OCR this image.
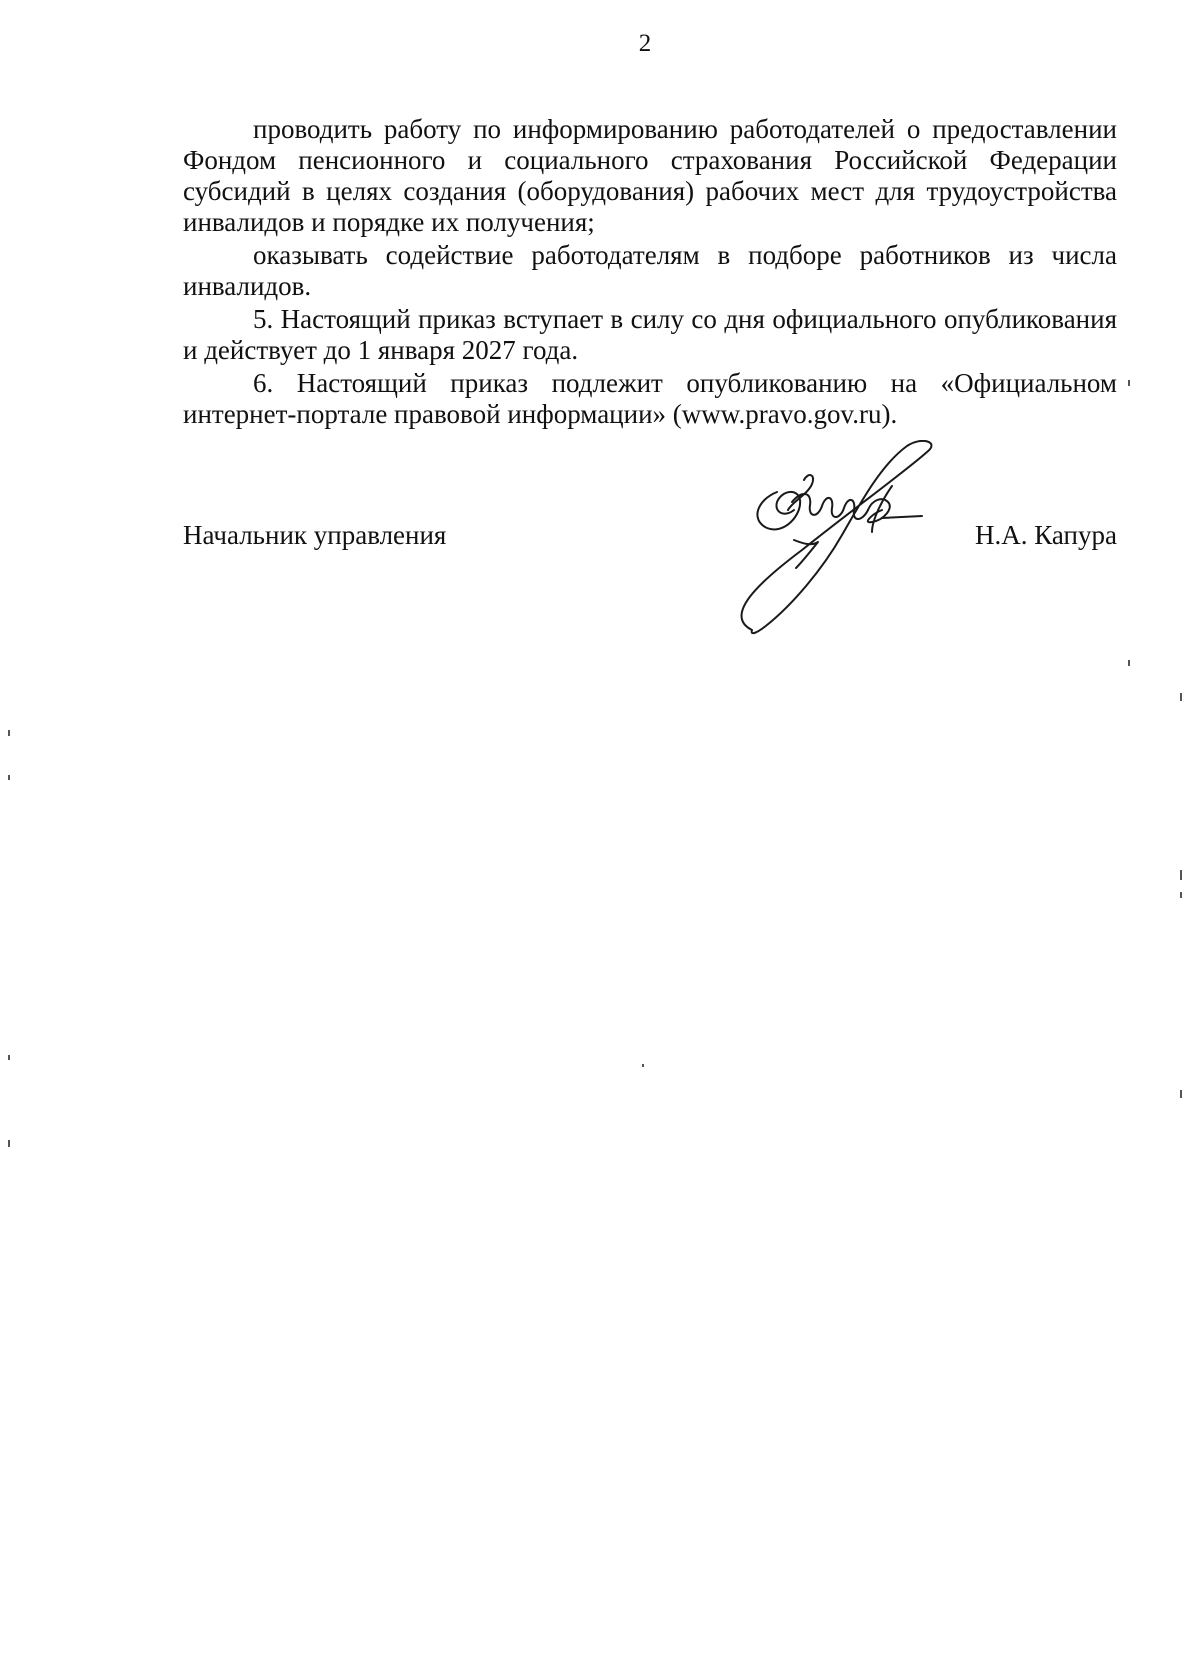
2

проводить работу по информированию работодателей о предоставлении Фондом пенсионного и социального страхования Российской Федерации субсидий в целях создания (оборудования) рабочих мест для трудоустройства инвалидов и порядке их получения;

оказывать содействие работодателям в подборе работников из числа инвалидов.

5. Настоящий приказ вступает в силу со дня официального опубликования и действует до 1 января 2027 года.

6. Настоящий приказ подлежит опубликованию на «Официальном интернет-портале правовой информации» (www.pravo.gov.ru).

Начальник управления	Н.А. Капура
